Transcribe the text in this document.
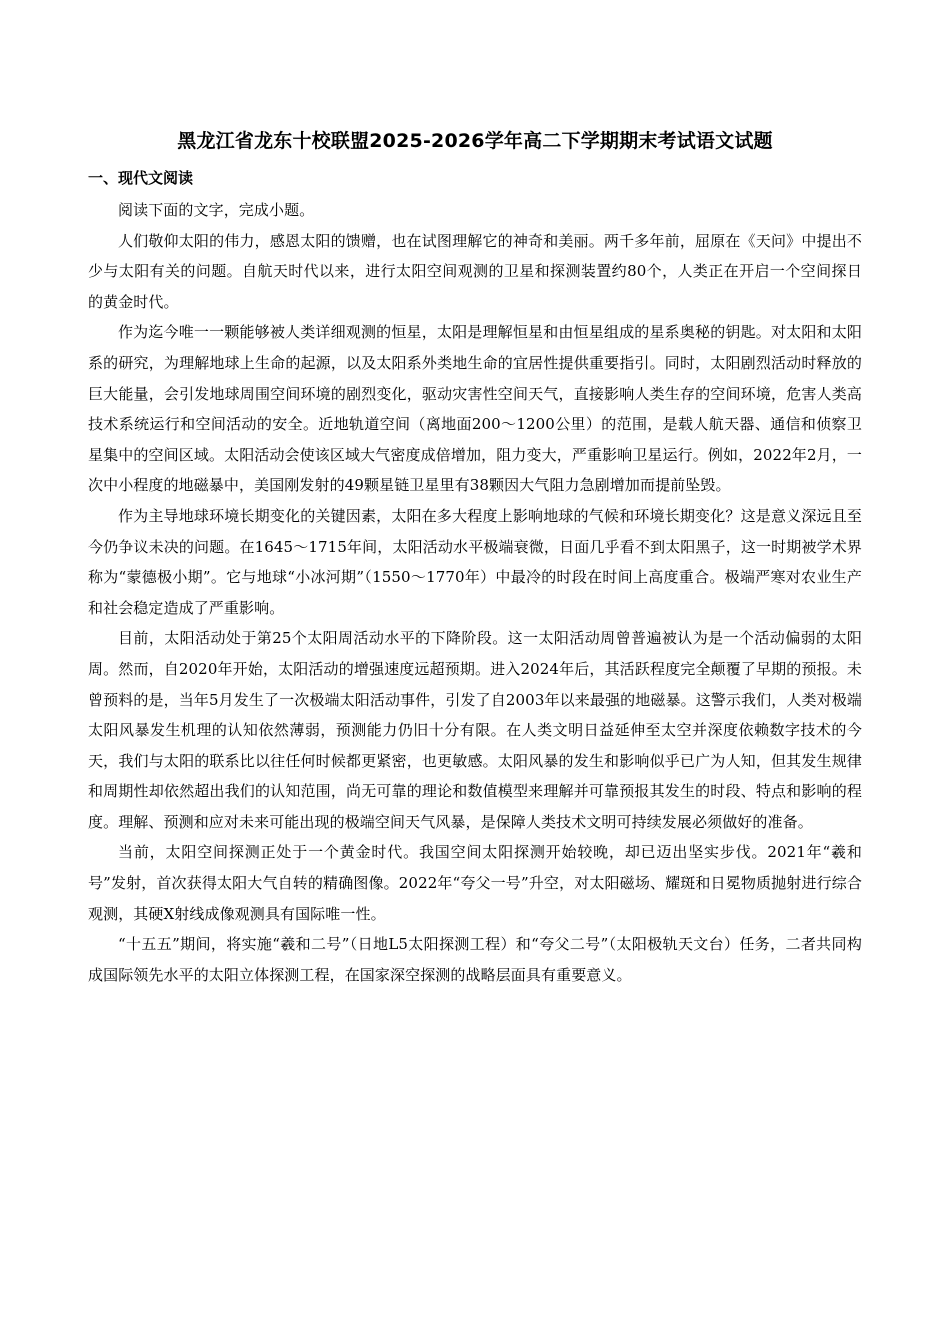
黑龙江省龙东十校联盟2025-2026学年高二下学期期末考试语文试题
一、现代文阅读

阅读下面的文字，完成小题。

人们敬仰太阳的伟力，感恩太阳的馈赠，也在试图理解它的神奇和美丽。两千多年前，屈原在《天问》中提出不少与太阳有关的问题。自航天时代以来，进行太阳空间观测的卫星和探测装置约80个，人类正在开启一个空间探日的黄金时代。

作为迄今唯一一颗能够被人类详细观测的恒星，太阳是理解恒星和由恒星组成的星系奥秘的钥匙。对太阳和太阳系的研究，为理解地球上生命的起源，以及太阳系外类地生命的宜居性提供重要指引。同时，太阳剧烈活动时释放的巨大能量，会引发地球周围空间环境的剧烈变化，驱动灾害性空间天气，直接影响人类生存的空间环境，危害人类高技术系统运行和空间活动的安全。近地轨道空间（离地面200～1200公里）的范围，是载人航天器、通信和侦察卫星集中的空间区域。太阳活动会使该区域大气密度成倍增加，阻力变大，严重影响卫星运行。例如，2022年2月，一次中小程度的地磁暴中，美国刚发射的49颗星链卫星里有38颗因大气阻力急剧增加而提前坠毁。

作为主导地球环境长期变化的关键因素，太阳在多大程度上影响地球的气候和环境长期变化？这是意义深远且至今仍争议未决的问题。在1645～1715年间，太阳活动水平极端衰微，日面几乎看不到太阳黑子，这一时期被学术界称为“蒙德极小期”。它与地球“小冰河期”（1550～1770年）中最冷的时段在时间上高度重合。极端严寒对农业生产和社会稳定造成了严重影响。

目前，太阳活动处于第25个太阳周活动水平的下降阶段。这一太阳活动周曾普遍被认为是一个活动偏弱的太阳周。然而，自2020年开始，太阳活动的增强速度远超预期。进入2024年后，其活跃程度完全颠覆了早期的预报。未曾预料的是，当年5月发生了一次极端太阳活动事件，引发了自2003年以来最强的地磁暴。这警示我们，人类对极端太阳风暴发生机理的认知依然薄弱，预测能力仍旧十分有限。在人类文明日益延伸至太空并深度依赖数字技术的今天，我们与太阳的联系比以往任何时候都更紧密，也更敏感。太阳风暴的发生和影响似乎已广为人知，但其发生规律和周期性却依然超出我们的认知范围，尚无可靠的理论和数值模型来理解并可靠预报其发生的时段、特点和影响的程度。理解、预测和应对未来可能出现的极端空间天气风暴，是保障人类技术文明可持续发展必须做好的准备。

当前，太阳空间探测正处于一个黄金时代。我国空间太阳探测开始较晚，却已迈出坚实步伐。2021年“羲和号”发射，首次获得太阳大气自转的精确图像。2022年“夸父一号”升空，对太阳磁场、耀斑和日冕物质抛射进行综合观测，其硬X射线成像观测具有国际唯一性。

“十五五”期间，将实施“羲和二号”（日地L5太阳探测工程）和“夸父二号”（太阳极轨天文台）任务，二者共同构成国际领先水平的太阳立体探测工程，在国家深空探测的战略层面具有重要意义。
